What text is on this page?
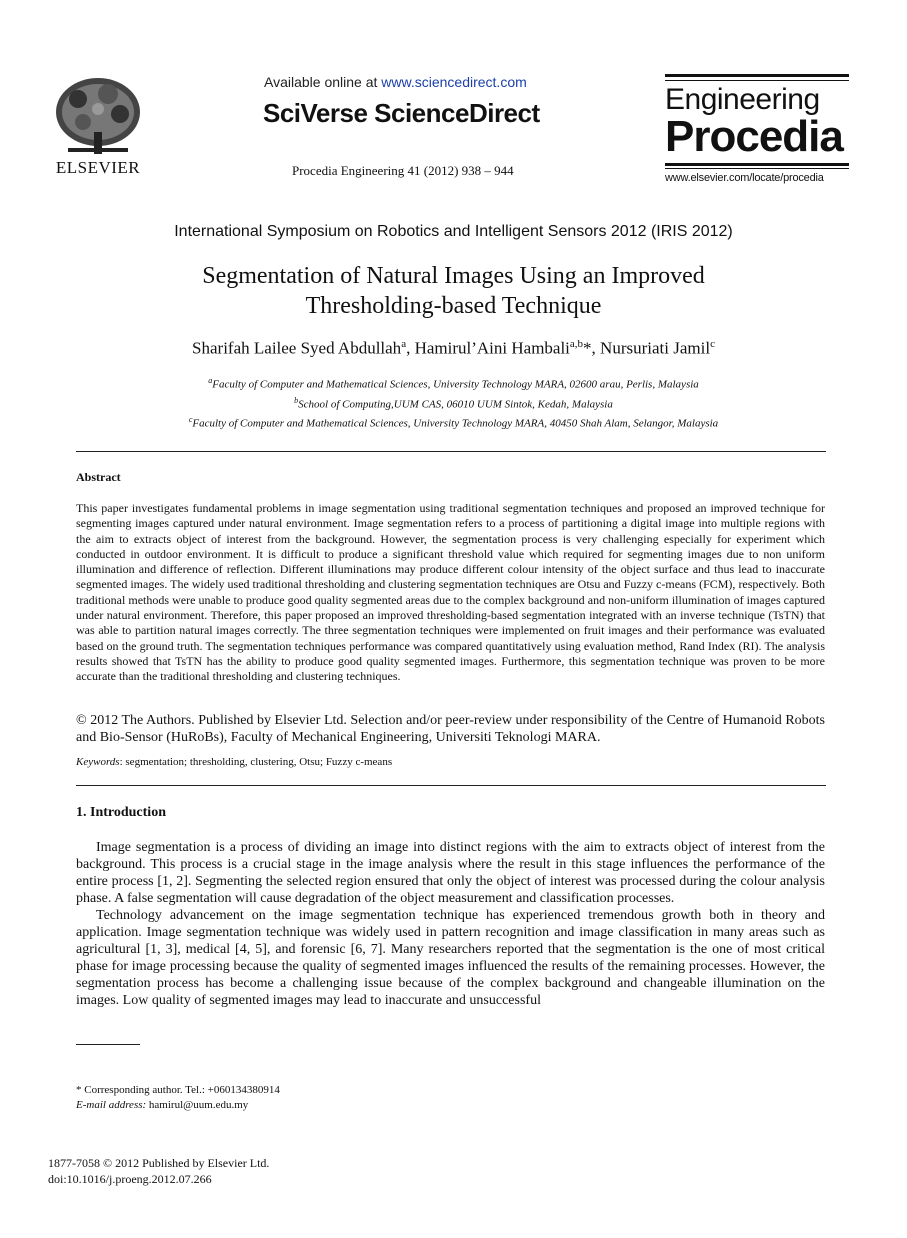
ELSEVIER
Available online at www.sciencedirect.com
SciVerse ScienceDirect
Procedia Engineering 41 (2012) 938 – 944
Engineering
Procedia
www.elsevier.com/locate/procedia
International Symposium on Robotics and Intelligent Sensors 2012 (IRIS 2012)
Segmentation of Natural Images Using an Improved
Thresholding-based Technique
Sharifah Lailee Syed Abdullah$^a$, Hamirul’Aini Hambali$^{a,b}$*, Nursuriati Jamil$^c$
$^a$Faculty of Computer and Mathematical Sciences, University Technology MARA, 02600 arau, Perlis, Malaysia
$^b$School of Computing,UUM CAS, 06010 UUM Sintok, Kedah, Malaysia
$^c$Faculty of Computer and Mathematical Sciences, University Technology MARA, 40450 Shah Alam, Selangor, Malaysia
Abstract
This paper investigates fundamental problems in image segmentation using traditional segmentation techniques and proposed an improved technique for segmenting images captured under natural environment. Image segmentation refers to a process of partitioning a digital image into multiple regions with the aim to extracts object of interest from the background. However, the segmentation process is very challenging especially for experiment which conducted in outdoor environment. It is difficult to produce a significant threshold value which required for segmenting images due to non uniform illumination and difference of reflection. Different illuminations may produce different colour intensity of the object surface and thus lead to inaccurate segmented images. The widely used traditional thresholding and clustering segmentation techniques are Otsu and Fuzzy c-means (FCM), respectively. Both traditional methods were unable to produce good quality segmented areas due to the complex background and non-uniform illumination of images captured under natural environment. Therefore, this paper proposed an improved thresholding-based segmentation integrated with an inverse technique (TsTN) that was able to partition natural images correctly. The three segmentation techniques were implemented on fruit images and their performance was evaluated based on the ground truth. The segmentation techniques performance was compared quantitatively using evaluation method, Rand Index (RI). The analysis results showed that TsTN has the ability to produce good quality segmented images. Furthermore, this segmentation technique was proven to be more accurate than the traditional thresholding and clustering techniques.
© 2012 The Authors. Published by Elsevier Ltd. Selection and/or peer-review under responsibility of the Centre of Humanoid Robots and Bio-Sensor (HuRoBs), Faculty of Mechanical Engineering, Universiti Teknologi MARA.
Keywords: segmentation; thresholding, clustering, Otsu; Fuzzy c-means
1. Introduction

Image segmentation is a process of dividing an image into distinct regions with the aim to extracts object of interest from the background. This process is a crucial stage in the image analysis where the result in this stage influences the performance of the entire process [1, 2]. Segmenting the selected region ensured that only the object of interest was processed during the colour analysis phase. A false segmentation will cause degradation of the object measurement and classification processes.

Technology advancement on the image segmentation technique has experienced tremendous growth both in theory and application. Image segmentation technique was widely used in pattern recognition and image classification in many areas such as agricultural [1, 3], medical [4, 5], and forensic [6, 7]. Many researchers reported that the segmentation is the one of most critical phase for image processing because the quality of segmented images influenced the results of the remaining processes. However, the segmentation process has become a challenging issue because of the complex background and changeable illumination on the images. Low quality of segmented images may lead to inaccurate and unsuccessful

* Corresponding author. Tel.: +060134380914
E-mail address: hamirul@uum.edu.my
1877-7058 © 2012 Published by Elsevier Ltd.
doi:10.1016/j.proeng.2012.07.266
